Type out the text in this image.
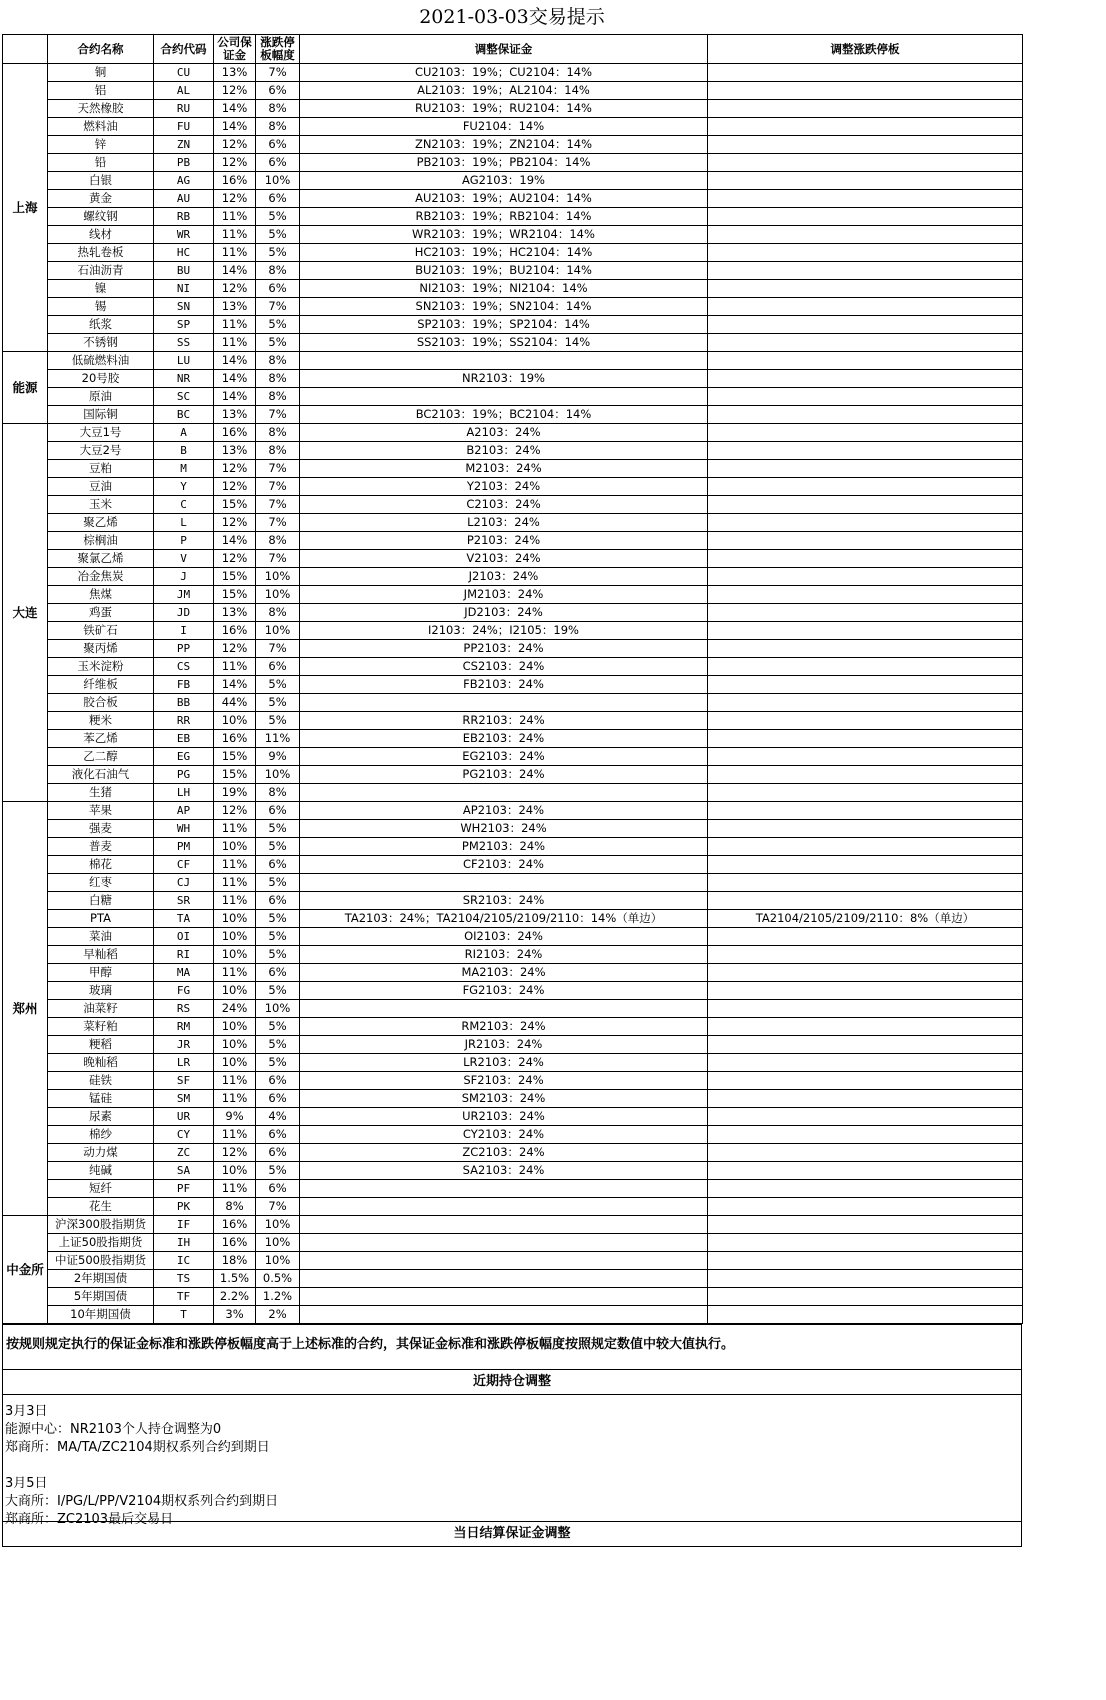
2021-03-03交易提示
	合约名称	合约代码	公司保证金	涨跌停板幅度	调整保证金	调整涨跌停板
上海	铜	CU	13%	7%	CU2103：19%；CU2104：14%	
	铝	AL	12%	6%	AL2103：19%；AL2104：14%	
	天然橡胶	RU	14%	8%	RU2103：19%；RU2104：14%	
	燃料油	FU	14%	8%	FU2104：14%	
	锌	ZN	12%	6%	ZN2103：19%；ZN2104：14%	
	铅	PB	12%	6%	PB2103：19%；PB2104：14%	
	白银	AG	16%	10%	AG2103：19%	
	黄金	AU	12%	6%	AU2103：19%；AU2104：14%	
	螺纹钢	RB	11%	5%	RB2103：19%；RB2104：14%	
	线材	WR	11%	5%	WR2103：19%；WR2104：14%	
	热轧卷板	HC	11%	5%	HC2103：19%；HC2104：14%	
	石油沥青	BU	14%	8%	BU2103：19%；BU2104：14%	
	镍	NI	12%	6%	NI2103：19%；NI2104：14%	
	锡	SN	13%	7%	SN2103：19%；SN2104：14%	
	纸浆	SP	11%	5%	SP2103：19%；SP2104：14%	
	不锈钢	SS	11%	5%	SS2103：19%；SS2104：14%	
能源	低硫燃料油	LU	14%	8%		
	20号胶	NR	14%	8%	NR2103：19%	
	原油	SC	14%	8%		
	国际铜	BC	13%	7%	BC2103：19%；BC2104：14%	
大连	大豆1号	A	16%	8%	A2103：24%	
	大豆2号	B	13%	8%	B2103：24%	
	豆粕	M	12%	7%	M2103：24%	
	豆油	Y	12%	7%	Y2103：24%	
	玉米	C	15%	7%	C2103：24%	
	聚乙烯	L	12%	7%	L2103：24%	
	棕榈油	P	14%	8%	P2103：24%	
	聚氯乙烯	V	12%	7%	V2103：24%	
	冶金焦炭	J	15%	10%	J2103：24%	
	焦煤	JM	15%	10%	JM2103：24%	
	鸡蛋	JD	13%	8%	JD2103：24%	
	铁矿石	I	16%	10%	I2103：24%；I2105：19%	
	聚丙烯	PP	12%	7%	PP2103：24%	
	玉米淀粉	CS	11%	6%	CS2103：24%	
	纤维板	FB	14%	5%	FB2103：24%	
	胶合板	BB	44%	5%		
	粳米	RR	10%	5%	RR2103：24%	
	苯乙烯	EB	16%	11%	EB2103：24%	
	乙二醇	EG	15%	9%	EG2103：24%	
	液化石油气	PG	15%	10%	PG2103：24%	
	生猪	LH	19%	8%		
郑州	苹果	AP	12%	6%	AP2103：24%	
	强麦	WH	11%	5%	WH2103：24%	
	普麦	PM	10%	5%	PM2103：24%	
	棉花	CF	11%	6%	CF2103：24%	
	红枣	CJ	11%	5%		
	白糖	SR	11%	6%	SR2103：24%	
	PTA	TA	10%	5%	TA2103：24%；TA2104/2105/2109/2110：14%（单边）	TA2104/2105/2109/2110：8%（单边）
	菜油	OI	10%	5%	OI2103：24%	
	早籼稻	RI	10%	5%	RI2103：24%	
	甲醇	MA	11%	6%	MA2103：24%	
	玻璃	FG	10%	5%	FG2103：24%	
	油菜籽	RS	24%	10%		
	菜籽粕	RM	10%	5%	RM2103：24%	
	粳稻	JR	10%	5%	JR2103：24%	
	晚籼稻	LR	10%	5%	LR2103：24%	
	硅铁	SF	11%	6%	SF2103：24%	
	锰硅	SM	11%	6%	SM2103：24%	
	尿素	UR	9%	4%	UR2103：24%	
	棉纱	CY	11%	6%	CY2103：24%	
	动力煤	ZC	12%	6%	ZC2103：24%	
	纯碱	SA	10%	5%	SA2103：24%	
	短纤	PF	11%	6%		
	花生	PK	8%	7%		
中金所	沪深300股指期货	IF	16%	10%		
	上证50股指期货	IH	16%	10%		
	中证500股指期货	IC	18%	10%		
	2年期国债	TS	1.5%	0.5%		
	5年期国债	TF	2.2%	1.2%		
	10年期国债	T	3%	2%		
按规则规定执行的保证金标准和涨跌停板幅度高于上述标准的合约，其保证金标准和涨跌停板幅度按照规定数值中较大值执行。
近期持仓调整
3月3日
能源中心：NR2103个人持仓调整为0
郑商所：MA/TA/ZC2104期权系列合约到期日
3月5日
大商所：I/PG/L/PP/V2104期权系列合约到期日
郑商所：ZC2103最后交易日
当日结算保证金调整
